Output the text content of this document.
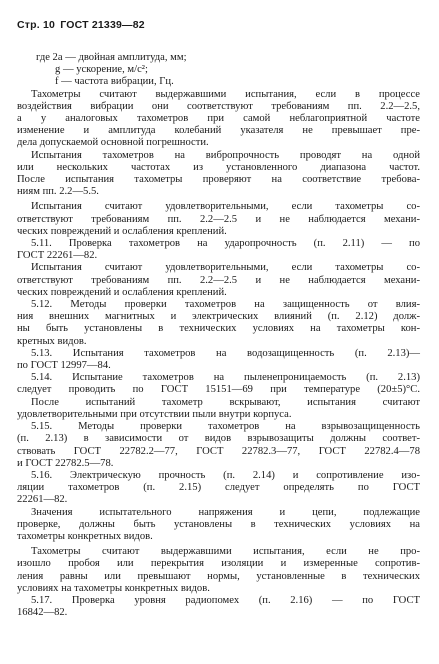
Стр. 10 ГОСТ 21339—82
где 2a — двойная амплитуда, мм;
g — ускорение, м/с²;
f — частота вибрации, Гц.
Тахометры считают выдержавшими испытания, если в процессе
воздействия вибрации они соответствуют требованиям пп. 2.2—2.5,
а у аналоговых тахометров при самой неблагоприятной частоте
изменение и амплитуда колебаний указателя не превышает пре-
дела допускаемой основной погрешности.
Испытания тахометров на вибропрочность проводят на одной
или нескольких частотах из установленного диапазона частот.
После испытания тахометры проверяют на соответствие требова-
ниям пп. 2.2—5.5.
Испытания считают удовлетворительными, если тахометры со-
ответствуют требованиям пп. 2.2—2.5 и не наблюдается механи-
ческих повреждений и ослабления креплений.
5.11. Проверка тахометров на ударопрочность (п. 2.11) — по
ГОСТ 22261—82.
Испытания считают удовлетворительными, если тахометры со-
ответствуют требованиям пп. 2.2—2.5 и не наблюдается механи-
ческих повреждений и ослабления креплений.
5.12. Методы проверки тахометров на защищенность от влия-
ния внешних магнитных и электрических влияний (п. 2.12) долж-
ны быть установлены в технических условиях на тахометры кон-
кретных видов.
5.13. Испытания тахометров на водозащищенность (п. 2.13)—
по ГОСТ 12997—84.
5.14. Испытание тахометров на пыленепроницаемость (п. 2.13)
следует проводить по ГОСТ 15151—69 при температуре (20±5)°C.
После испытаний тахометр вскрывают, испытания считают
удовлетворительными при отсутствии пыли внутри корпуса.
5.15. Методы проверки тахометров на взрывозащищенность
(п. 2.13) в зависимости от видов взрывозащиты должны соответ-
ствовать ГОСТ 22782.2—77, ГОСТ 22782.3—77, ГОСТ 22782.4—78
и ГОСТ 22782.5—78.
5.16. Электрическую прочность (п. 2.14) и сопротивление изо-
ляции тахометров (п. 2.15) следует определять по ГОСТ
22261—82.
Значения испытательного напряжения и цепи, подлежащие
проверке, должны быть установлены в технических условиях на
тахометры конкретных видов.
Тахометры считают выдержавшими испытания, если не про-
изошло пробоя или перекрытия изоляции и измеренные сопротив-
ления равны или превышают нормы, установленные в технических
условиях на тахометры конкретных видов.
5.17. Проверка уровня радиопомех (п. 2.16) — по ГОСТ
16842—82.
